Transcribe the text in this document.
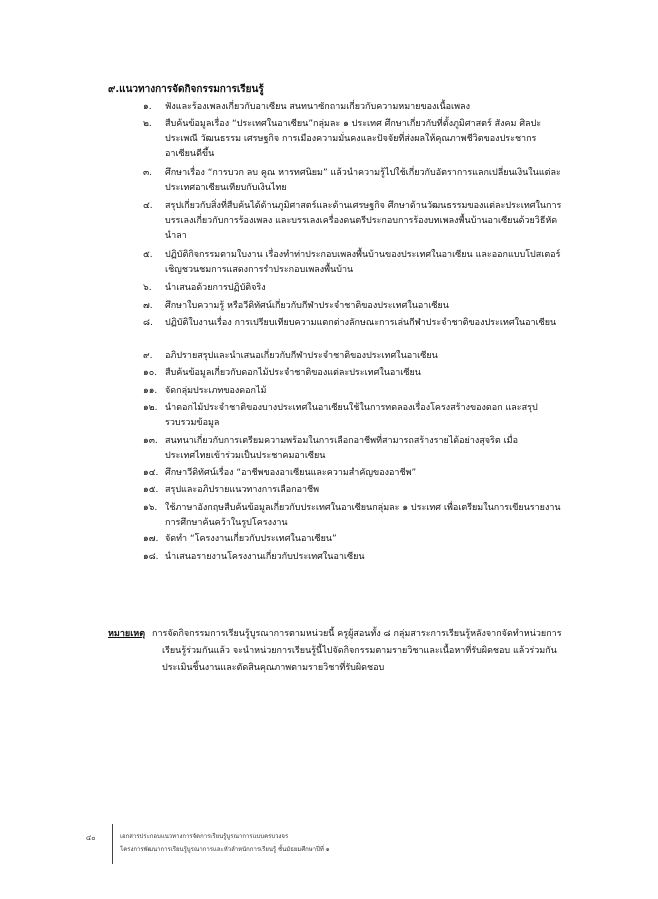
๙.แนวทางการจัดกิจกรรมการเรียนรู้
๑.	ฟังและร้องเพลงเกี่ยวกับอาเซียน สนทนาซักถามเกี่ยวกับความหมายของเนื้อเพลง
๒.	สืบค้นข้อมูลเรื่อง “ประเทศในอาเซียน”กลุ่มละ ๑ ประเทศ ศึกษาเกี่ยวกับที่ตั้งภูมิศาสตร์ สังคม ศิลปะ ประเพณี วัฒนธรรม เศรษฐกิจ การเมืองความมั่นคงและปัจจัยที่ส่งผลให้คุณภาพชีวิตของประชากรอาเซียนดีขึ้น
๓.	ศึกษาเรื่อง “การบวก ลบ คูณ หารทศนิยม” แล้วนำความรู้ไปใช้เกี่ยวกับอัตราการแลกเปลี่ยนเงินในแต่ละประเทศอาเซียนเทียบกับเงินไทย
๔.	สรุปเกี่ยวกับสิ่งที่สืบค้นได้ด้านภูมิศาสตร์และด้านเศรษฐกิจ ศึกษาด้านวัฒนธรรมของแต่ละประเทศในการบรรเลงเกี่ยวกับการร้องเพลง และบรรเลงเครื่องดนตรีประกอบการร้องบทเพลงพื้นบ้านอาเซียนด้วยวิธีหัดนำลา
๕.	ปฏิบัติกิจกรรมตามใบงาน เรื่องทำท่าประกอบเพลงพื้นบ้านของประเทศในอาเซียน และออกแบบโปสเตอร์เชิญชวนชมการแสดงการรำประกอบเพลงพื้นบ้าน
๖.	นำเสนอด้วยการปฏิบัติจริง
๗.	ศึกษาใบความรู้ หรือวีดิทัศน์เกี่ยวกับกีฬาประจำชาติของประเทศในอาเซียน
๘.	ปฏิบัติใบงานเรื่อง การเปรียบเทียบความแตกต่างลักษณะการเล่นกีฬาประจำชาติของประเทศในอาเซียน
๙.	อภิปรายสรุปและนำเสนอเกี่ยวกับกีฬาประจำชาติของประเทศในอาเซียน
๑๐. สืบค้นข้อมูลเกี่ยวกับดอกไม้ประจำชาติของแต่ละประเทศในอาเซียน
๑๑. จัดกลุ่มประเภทของดอกไม้
๑๒. นำดอกไม้ประจำชาติของบางประเทศในอาเซียนใช้ในการทดลองเรื่องโครงสร้างของดอก และสรุปรวบรวมข้อมูล
๑๓. สนทนาเกี่ยวกับการเตรียมความพร้อมในการเลือกอาชีพที่สามารถสร้างรายได้อย่างสุจริต เมื่อประเทศไทยเข้าร่วมเป็นประชาคมอาเซียน
๑๔. ศึกษาวีดิทัศน์เรื่อง “อาชีพของอาเซียนและความสำคัญของอาชีพ”
๑๕. สรุปและอภิปรายแนวทางการเลือกอาชีพ
๑๖. ใช้ภาษาอังกฤษสืบค้นข้อมูลเกี่ยวกับประเทศในอาเซียนกลุ่มละ ๑ ประเทศ เพื่อเตรียมในการเขียนรายงานการศึกษาค้นคว้าในรูปโครงงาน
๑๗. จัดทำ “โครงงานเกี่ยวกับประเทศในอาเซียน”
๑๘. นำเสนอรายงานโครงงานเกี่ยวกับประเทศในอาเซียน
หมายเหตุ การจัดกิจกรรมการเรียนรู้บูรณาการตามหน่วยนี้ ครูผู้สอนทั้ง ๘ กลุ่มสาระการเรียนรู้หลังจากจัดทำหน่วยการเรียนรู้ร่วมกันแล้ว จะนำหน่วยการเรียนรู้นี้ไปจัดกิจกรรมตามรายวิชาและเนื้อหาที่รับผิดชอบ แล้วร่วมกันประเมินชิ้นงานและตัดสินคุณภาพตามรายวิชาที่รับผิดชอบ
๔๐	เอกสารประกอบแนวทางการจัดการเรียนรู้บูรณาการแบบครบวงจร
โครงการพัฒนาการเรียนรู้บูรณาการและหัวลำหนักการเรียนรู้ ชั้นมัธยมศึกษาปีที่ ๑
